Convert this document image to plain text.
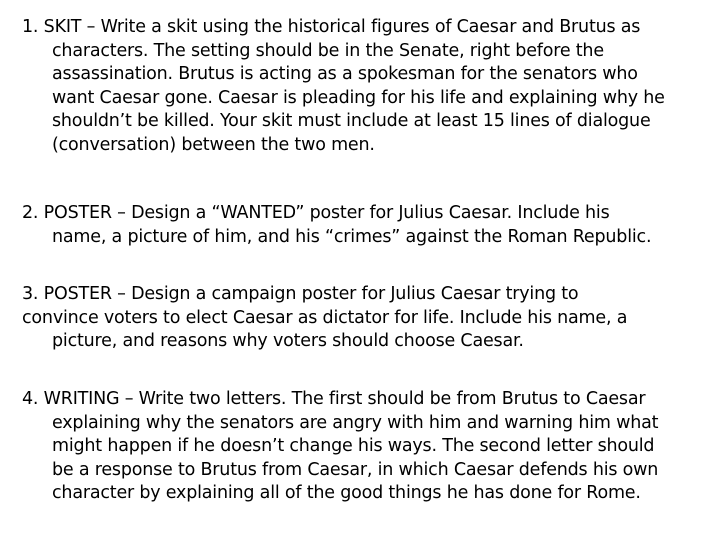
1. SKIT – Write a skit using the historical figures of Caesar and Brutus as
characters. The setting should be in the Senate, right before the
assassination. Brutus is acting as a spokesman for the senators who
want Caesar gone. Caesar is pleading for his life and explaining why he
shouldn’t be killed. Your skit must include at least 15 lines of dialogue
(conversation) between the two men.
2. POSTER – Design a “WANTED” poster for Julius Caesar. Include his
name, a picture of him, and his “crimes” against the Roman Republic.
3. POSTER – Design a campaign poster for Julius Caesar trying to
convince voters to elect Caesar as dictator for life. Include his name, a
picture, and reasons why voters should choose Caesar.
4. WRITING – Write two letters. The first should be from Brutus to Caesar
explaining why the senators are angry with him and warning him what
might happen if he doesn’t change his ways. The second letter should
be a response to Brutus from Caesar, in which Caesar defends his own
character by explaining all of the good things he has done for Rome.
